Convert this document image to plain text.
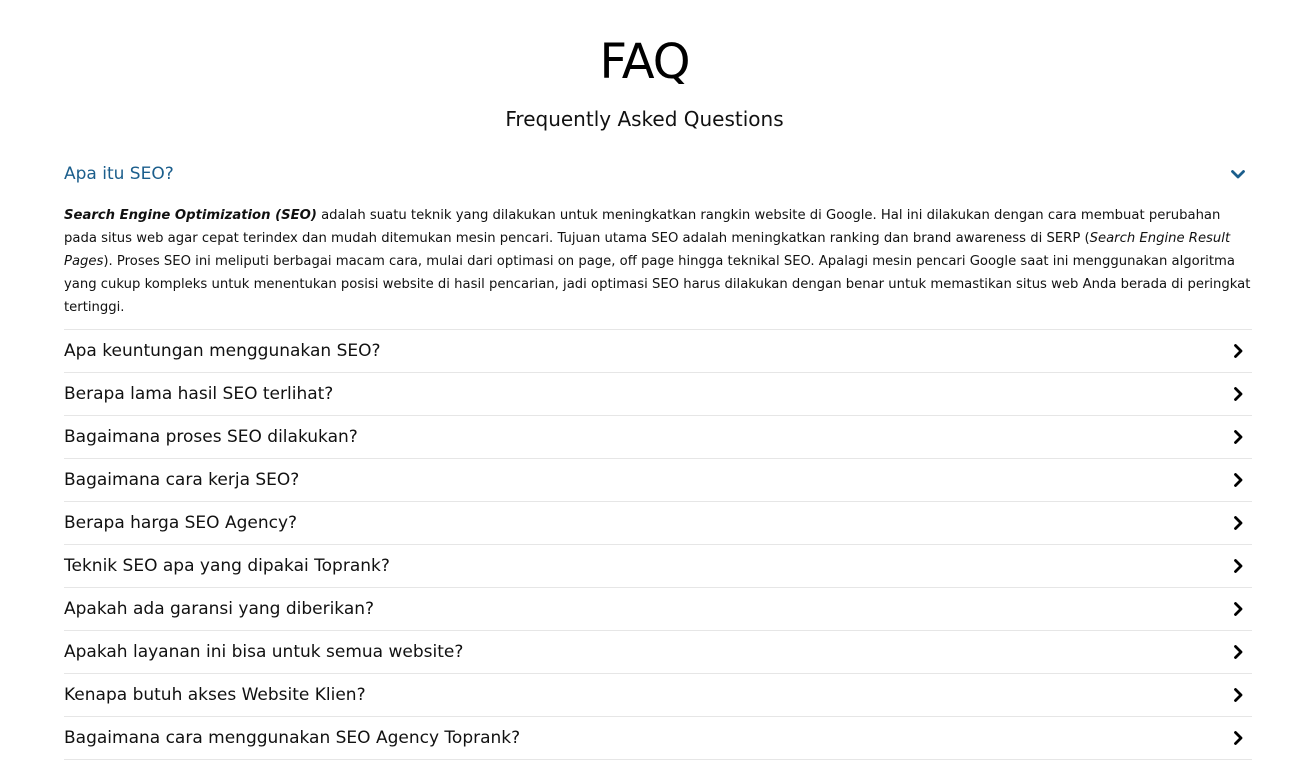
FAQ
Frequently Asked Questions
Apa itu SEO?
Search Engine Optimization (SEO) adalah suatu teknik yang dilakukan untuk meningkatkan rangkin website di Google. Hal ini dilakukan dengan cara membuat perubahan pada situs web agar cepat terindex dan mudah ditemukan mesin pencari. Tujuan utama SEO adalah meningkatkan ranking dan brand awareness di SERP (Search Engine Result Pages). Proses SEO ini meliputi berbagai macam cara, mulai dari optimasi on page, off page hingga teknikal SEO. Apalagi mesin pencari Google saat ini menggunakan algoritma yang cukup kompleks untuk menentukan posisi website di hasil pencarian, jadi optimasi SEO harus dilakukan dengan benar untuk memastikan situs web Anda berada di peringkat tertinggi.
Apa keuntungan menggunakan SEO?
Berapa lama hasil SEO terlihat?
Bagaimana proses SEO dilakukan?
Bagaimana cara kerja SEO?
Berapa harga SEO Agency?
Teknik SEO apa yang dipakai Toprank?
Apakah ada garansi yang diberikan?
Apakah layanan ini bisa untuk semua website?
Kenapa butuh akses Website Klien?
Bagaimana cara menggunakan SEO Agency Toprank?
